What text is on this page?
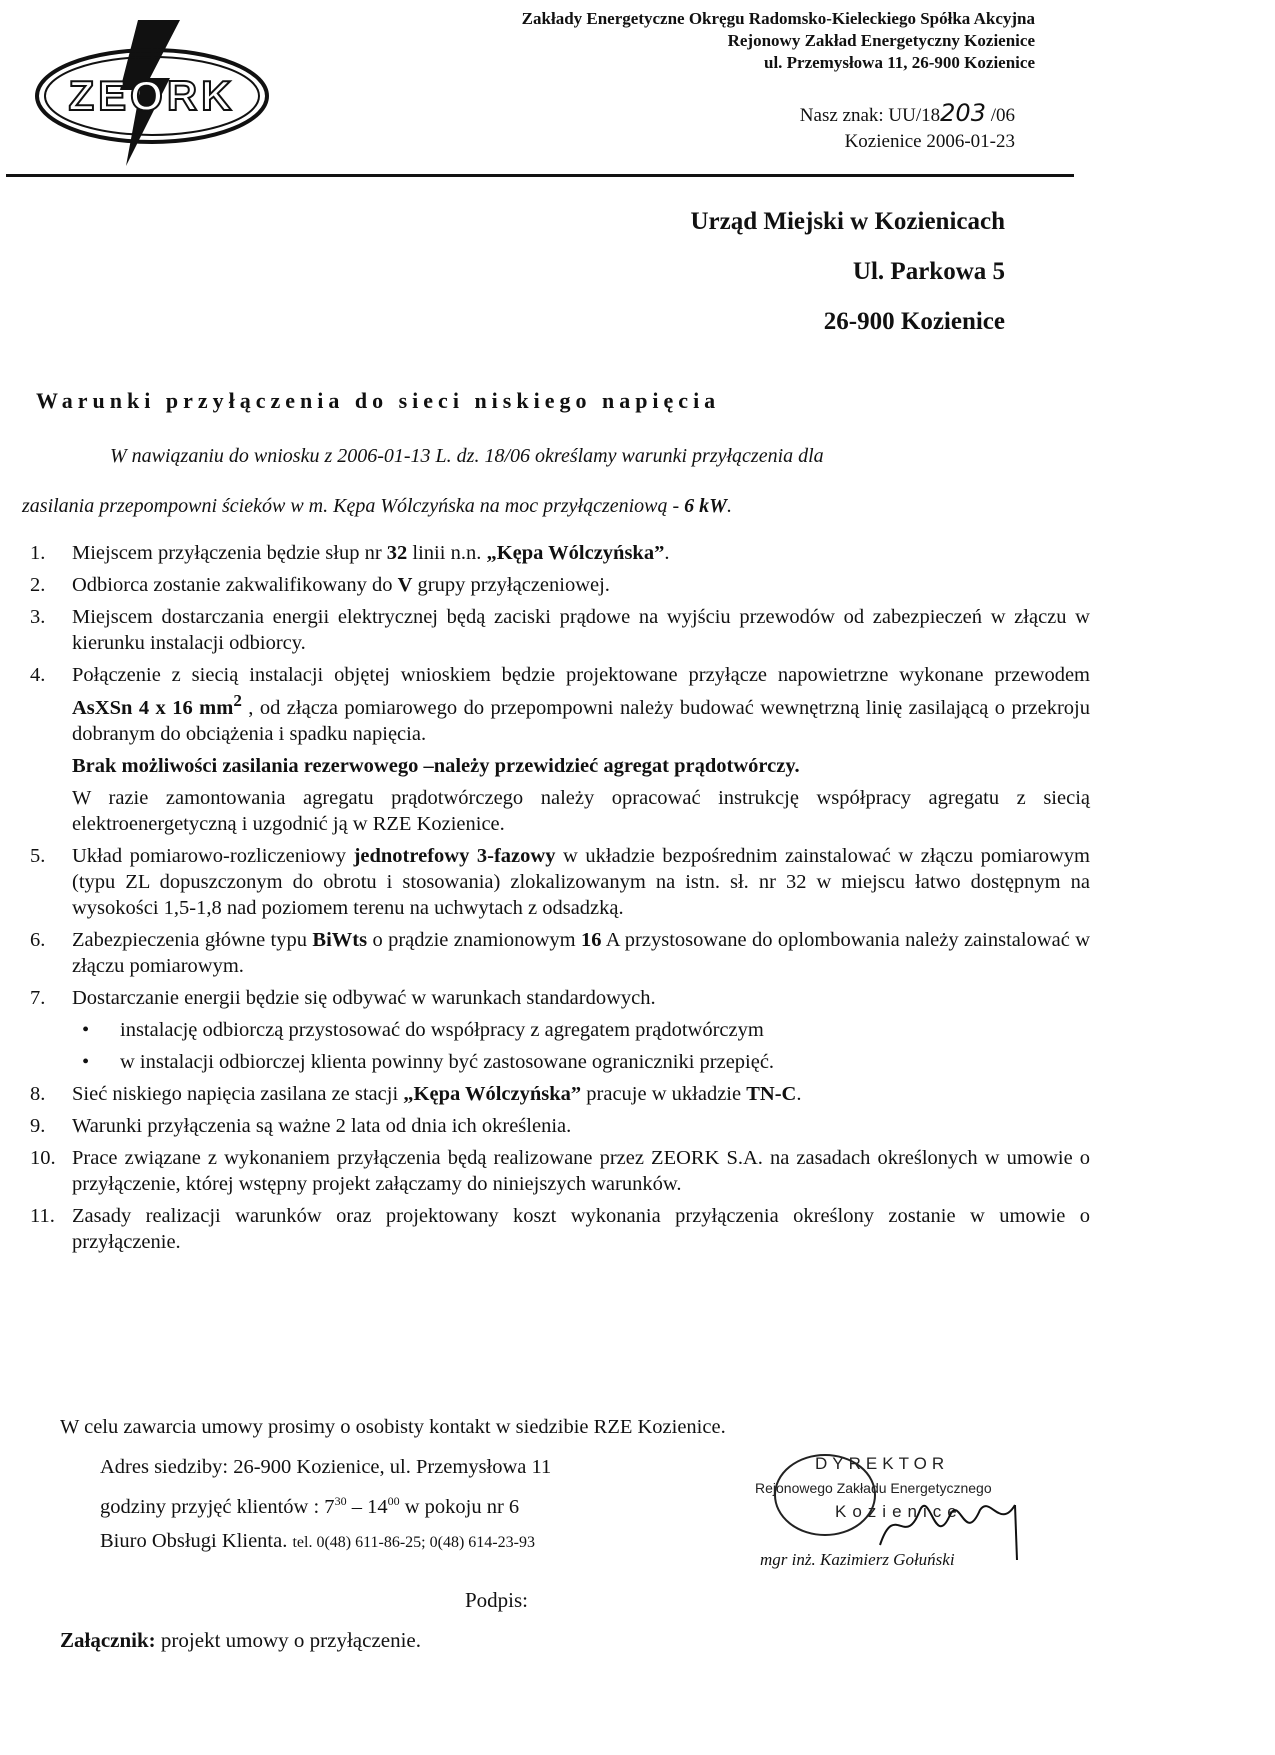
ZEORK
Zakłady Energetyczne Okręgu Radomsko-Kieleckiego Spółka Akcyjna
Rejonowy Zakład Energetyczny Kozienice
ul. Przemysłowa 11, 26-900 Kozienice
Nasz znak: UU/18203 /06
Kozienice 2006-01-23
Urząd Miejski w Kozienicach
Ul. Parkowa 5
26-900 Kozienice
Warunki przyłączenia do sieci niskiego napięcia
W nawiązaniu do wniosku z 2006-01-13 L. dz. 18/06 określamy warunki przyłączenia dla
zasilania przepompowni ścieków w m. Kępa Wólczyńska na moc przyłączeniową - 6 kW.
1. Miejscem przyłączenia będzie słup nr 32 linii n.n. „Kępa Wólczyńska”.
2. Odbiorca zostanie zakwalifikowany do V grupy przyłączeniowej.
3. Miejscem dostarczania energii elektrycznej będą zaciski prądowe na wyjściu przewodów od zabezpieczeń w złączu w kierunku instalacji odbiorcy.
4. Połączenie z siecią instalacji objętej wnioskiem będzie projektowane przyłącze napowietrzne wykonane przewodem AsXSn 4 x 16 $mm^2$ , od złącza pomiarowego do przepompowni należy budować wewnętrzną linię zasilającą o przekroju dobranym do obciążenia i spadku napięcia.
Brak możliwości zasilania rezerwowego –należy przewidzieć agregat prądotwórczy.
W razie zamontowania agregatu prądotwórczego należy opracować instrukcję współpracy agregatu z siecią elektroenergetyczną i uzgodnić ją w RZE Kozienice.
5. Układ pomiarowo-rozliczeniowy jednotrefowy 3-fazowy w układzie bezpośrednim zainstalować w złączu pomiarowym (typu ZL dopuszczonym do obrotu i stosowania) zlokalizowanym na istn. sł. nr 32 w miejscu łatwo dostępnym na wysokości 1,5-1,8 nad poziomem terenu na uchwytach z odsadzką.
6. Zabezpieczenia główne typu BiWts o prądzie znamionowym 16 A przystosowane do oplombowania należy zainstalować w złączu pomiarowym.
7. Dostarczanie energii będzie się odbywać w warunkach standardowych.
• instalację odbiorczą przystosować do współpracy z agregatem prądotwórczym
• w instalacji odbiorczej klienta powinny być zastosowane ograniczniki przepięć.
8. Sieć niskiego napięcia zasilana ze stacji „Kępa Wólczyńska” pracuje w układzie TN-C.
9. Warunki przyłączenia są ważne 2 lata od dnia ich określenia.
10. Prace związane z wykonaniem przyłączenia będą realizowane przez ZEORK S.A. na zasadach określonych w umowie o przyłączenie, której wstępny projekt załączamy do niniejszych warunków.
11. Zasady realizacji warunków oraz projektowany koszt wykonania przyłączenia określony zostanie w umowie o przyłączenie.
W celu zawarcia umowy prosimy o osobisty kontakt w siedzibie RZE Kozienice.
Adres siedziby: 26-900 Kozienice, ul. Przemysłowa 11
godziny przyjęć klientów : $7^{30} - 14^{00}$ w pokoju nr 6
Biuro Obsługi Klienta. tel. 0(48) 611-86-25; 0(48) 614-23-93
DYREKTOR
Rejonowego Zakładu Energetycznego
Kozienice
mgr inż. Kazimierz Gołuński
Podpis:
Załącznik: projekt umowy o przyłączenie.
